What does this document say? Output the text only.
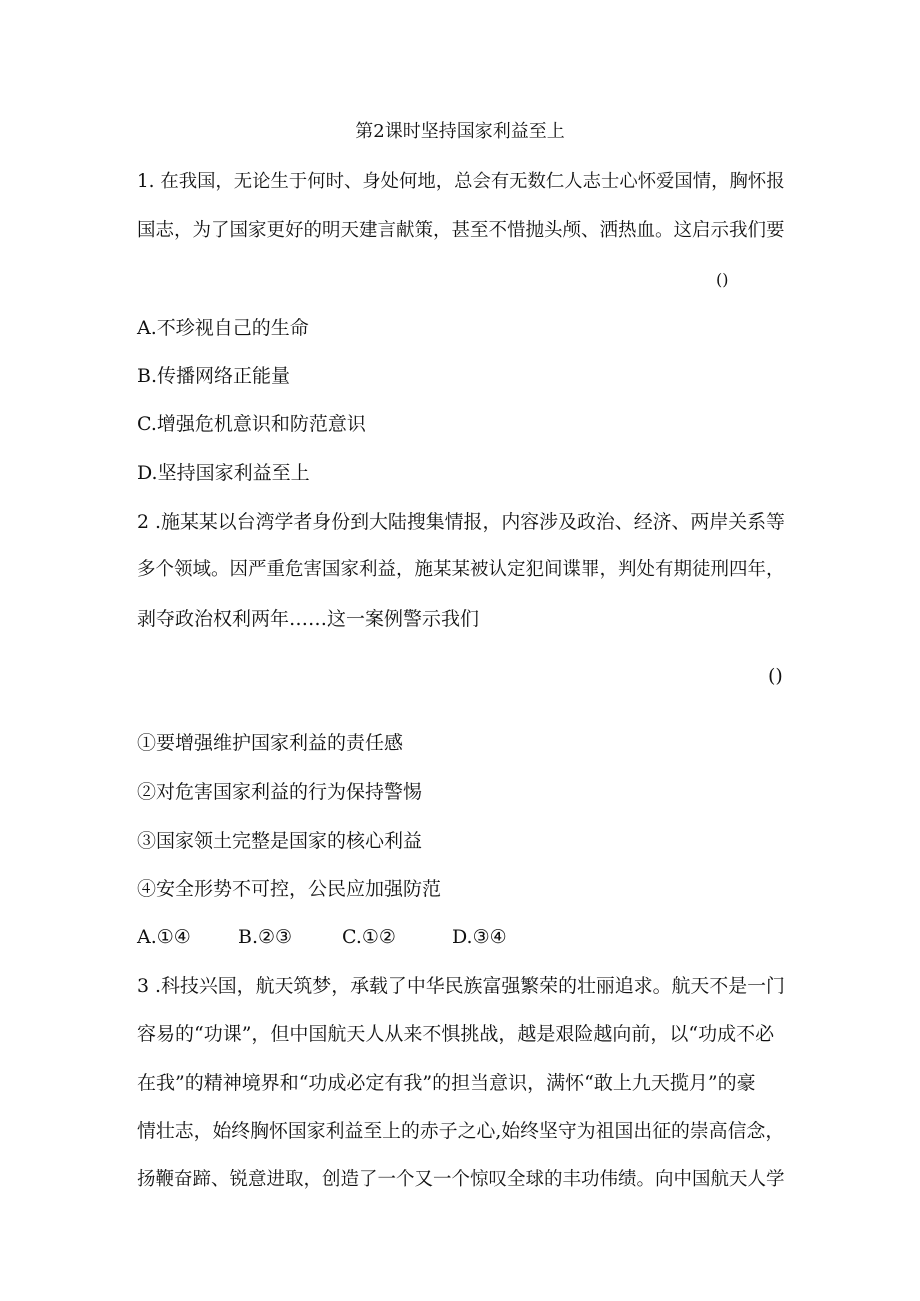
第2课时坚持国家利益至上
1. 在我国，无论生于何时、身处何地，总会有无数仁人志士心怀爱国情，胸怀报
国志，为了国家更好的明天建言献策，甚至不惜抛头颅、洒热血。这启示我们要
()
A.不珍视自己的生命
B.传播网络正能量
C.增强危机意识和防范意识
D.坚持国家利益至上
2 .施某某以台湾学者身份到大陆搜集情报，内容涉及政治、经济、两岸关系等
多个领域。因严重危害国家利益，施某某被认定犯间谍罪，判处有期徒刑四年，
剥夺政治权利两年……这一案例警示我们
()
①要增强维护国家利益的责任感
②对危害国家利益的行为保持警惕
③国家领土完整是国家的核心利益
④安全形势不可控，公民应加强防范
A.①④ B.②③	C.①②	D.③④
3 .科技兴国，航天筑梦，承载了中华民族富强繁荣的壮丽追求。航天不是一门
容易的“功课”，但中国航天人从来不惧挑战，越是艰险越向前，以“功成不必
在我”的精神境界和“功成必定有我”的担当意识，满怀“敢上九天揽月”的豪
情壮志，始终胸怀国家利益至上的赤子之心,始终坚守为祖国出征的崇高信念，
扬鞭奋蹄、锐意进取，创造了一个又一个惊叹全球的丰功伟绩。向中国航天人学
